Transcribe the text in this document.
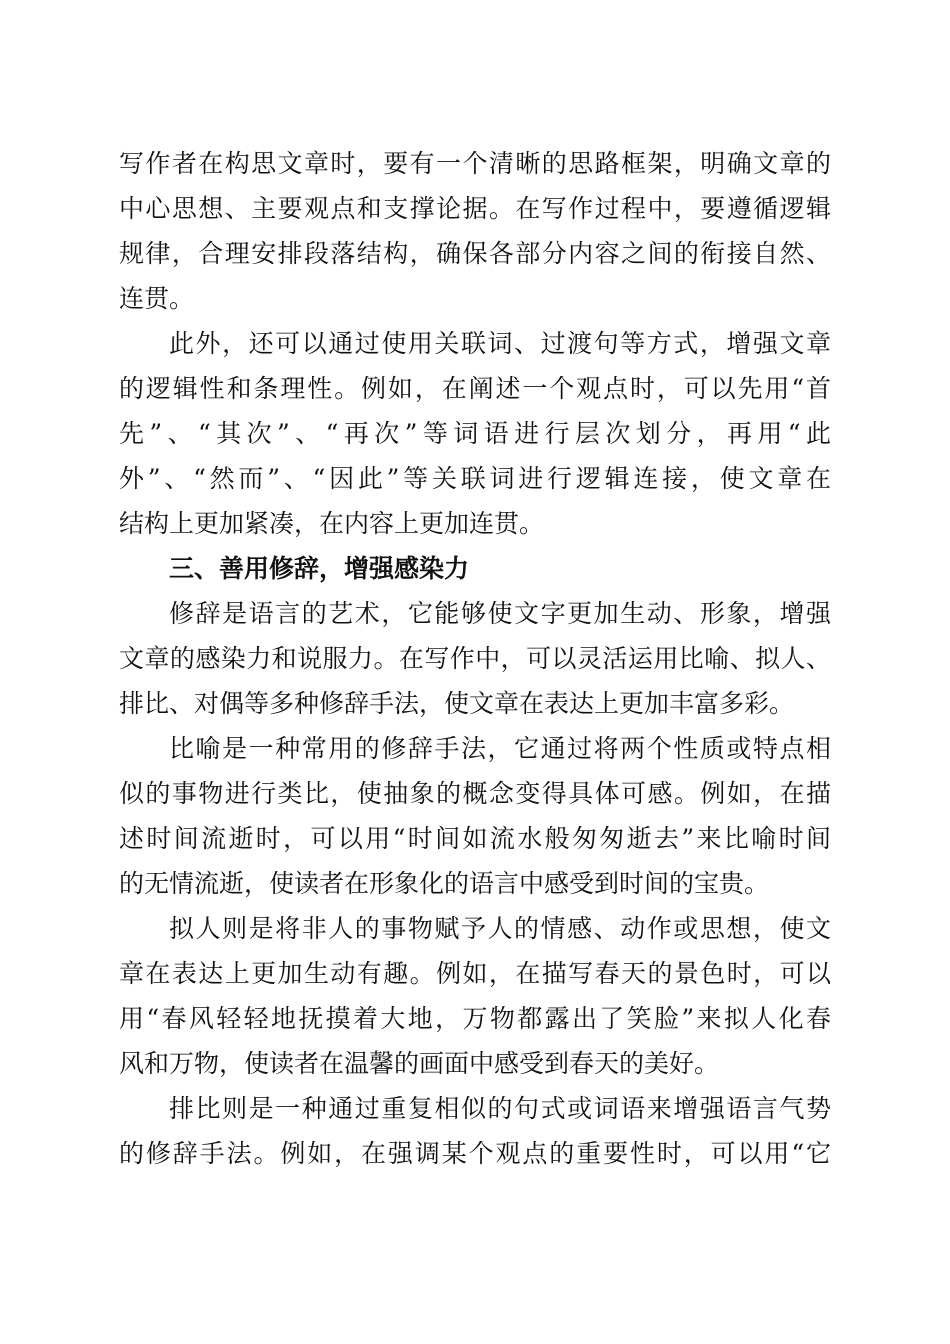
写作者在构思文章时，要有一个清晰的思路框架，明确文章的
中心思想、主要观点和支撑论据。在写作过程中，要遵循逻辑
规律，合理安排段落结构，确保各部分内容之间的衔接自然、
连贯。
此外，还可以通过使用关联词、过渡句等方式，增强文章
的逻辑性和条理性。例如，在阐述一个观点时，可以先用“首
先”、“其次”、“再次”等词语进行层次划分，再用“此
外”、“然而”、“因此”等关联词进行逻辑连接，使文章在
结构上更加紧凑，在内容上更加连贯。
三、善用修辞，增强感染力
修辞是语言的艺术，它能够使文字更加生动、形象，增强
文章的感染力和说服力。在写作中，可以灵活运用比喻、拟人、
排比、对偶等多种修辞手法，使文章在表达上更加丰富多彩。
比喻是一种常用的修辞手法，它通过将两个性质或特点相
似的事物进行类比，使抽象的概念变得具体可感。例如，在描
述时间流逝时，可以用“时间如流水般匆匆逝去”来比喻时间
的无情流逝，使读者在形象化的语言中感受到时间的宝贵。
拟人则是将非人的事物赋予人的情感、动作或思想，使文
章在表达上更加生动有趣。例如，在描写春天的景色时，可以
用“春风轻轻地抚摸着大地，万物都露出了笑脸”来拟人化春
风和万物，使读者在温馨的画面中感受到春天的美好。
排比则是一种通过重复相似的句式或词语来增强语言气势
的修辞手法。例如，在强调某个观点的重要性时，可以用“它
